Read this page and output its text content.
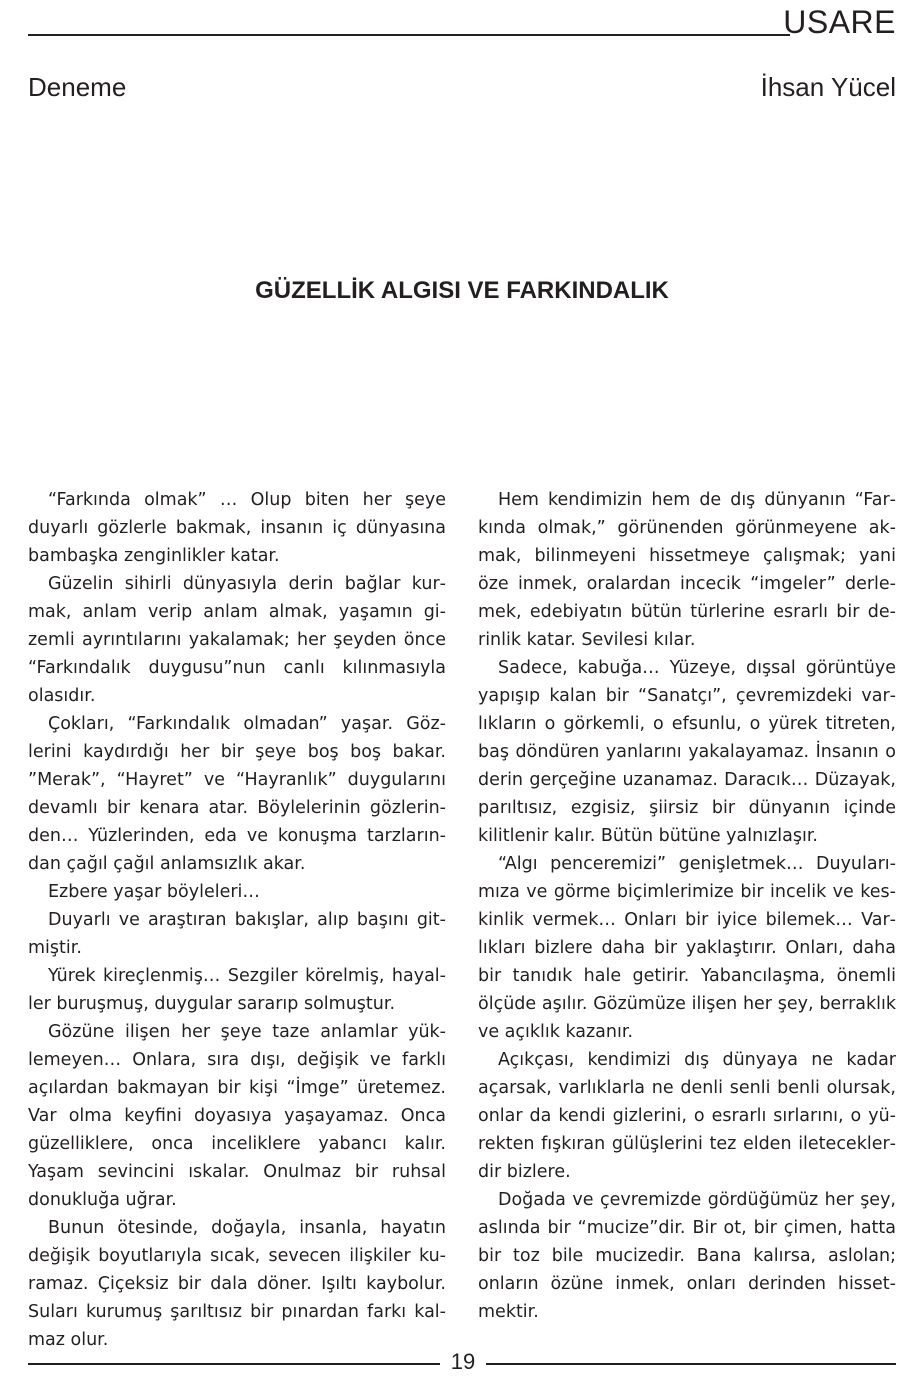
USARE
Deneme	İhsan Yücel
GÜZELLİK ALGISI VE FARKINDALIK

“Farkında olmak” … Olup biten her şeye duyarlı gözlerle bakmak, insanın iç dünyasına bambaşka zenginlikler katar.

Güzelin sihirli dünyasıyla derin bağlar kurmak, anlam verip anlam almak, yaşamın gizemli ayrıntılarını yakalamak; her şeyden önce “Farkındalık duygusu”nun canlı kılınmasıyla olasıdır.

Çokları, “Farkındalık olmadan” yaşar. Gözlerini kaydırdığı her bir şeye boş boş bakar. ”Merak”, “Hayret” ve “Hayranlık” duygularını devamlı bir kenara atar. Böylelerinin gözlerinden… Yüzlerinden, eda ve konuşma tarzlarından çağıl çağıl anlamsızlık akar.

Ezbere yaşar böyleleri…

Duyarlı ve araştıran bakışlar, alıp başını gitmiştir.

Yürek kireçlenmiş… Sezgiler körelmiş, hayaller buruşmuş, duygular sararıp solmuştur.

Gözüne ilişen her şeye taze anlamlar yüklemeyen… Onlara, sıra dışı, değişik ve farklı açılardan bakmayan bir kişi “İmge” üretemez. Var olma keyfini doyasıya yaşayamaz. Onca güzelliklere, onca inceliklere yabancı kalır. Yaşam sevincini ıskalar. Onulmaz bir ruhsal donukluğa uğrar.

Bunun ötesinde, doğayla, insanla, hayatın değişik boyutlarıyla sıcak, sevecen ilişkiler kuramaz. Çiçeksiz bir dala döner. Işıltı kaybolur. Suları kurumuş şarıltısız bir pınardan farkı kalmaz olur.

Hem kendimizin hem de dış dünyanın “Farkında olmak,” görünenden görünmeyene akmak, bilinmeyeni hissetmeye çalışmak; yani öze inmek, oralardan incecik “imgeler” derlemek, edebiyatın bütün türlerine esrarlı bir derinlik katar. Sevilesi kılar.

Sadece, kabuğa… Yüzeye, dışsal görüntüye yapışıp kalan bir “Sanatçı”, çevremizdeki varlıkların o görkemli, o efsunlu, o yürek titreten, baş döndüren yanlarını yakalayamaz. İnsanın o derin gerçeğine uzanamaz. Daracık… Düzayak, parıltısız, ezgisiz, şiirsiz bir dünyanın içinde kilitlenir kalır. Bütün bütüne yalnızlaşır.

“Algı penceremizi” genişletmek… Duyularımıza ve görme biçimlerimize bir incelik ve keskinlik vermek… Onları bir iyice bilemek… Varlıkları bizlere daha bir yaklaştırır. Onları, daha bir tanıdık hale getirir. Yabancılaşma, önemli ölçüde aşılır. Gözümüze ilişen her şey, berraklık ve açıklık kazanır.

Açıkçası, kendimizi dış dünyaya ne kadar açarsak, varlıklarla ne denli senli benli olursak, onlar da kendi gizlerini, o esrarlı sırlarını, o yürekten fışkıran gülüşlerini tez elden ileteceklerdir bizlere.

Doğada ve çevremizde gördüğümüz her şey, aslında bir “mucize”dir. Bir ot, bir çimen, hatta bir toz bile mucizedir. Bana kalırsa, aslolan; onların özüne inmek, onları derinden hissetmektir.

19
